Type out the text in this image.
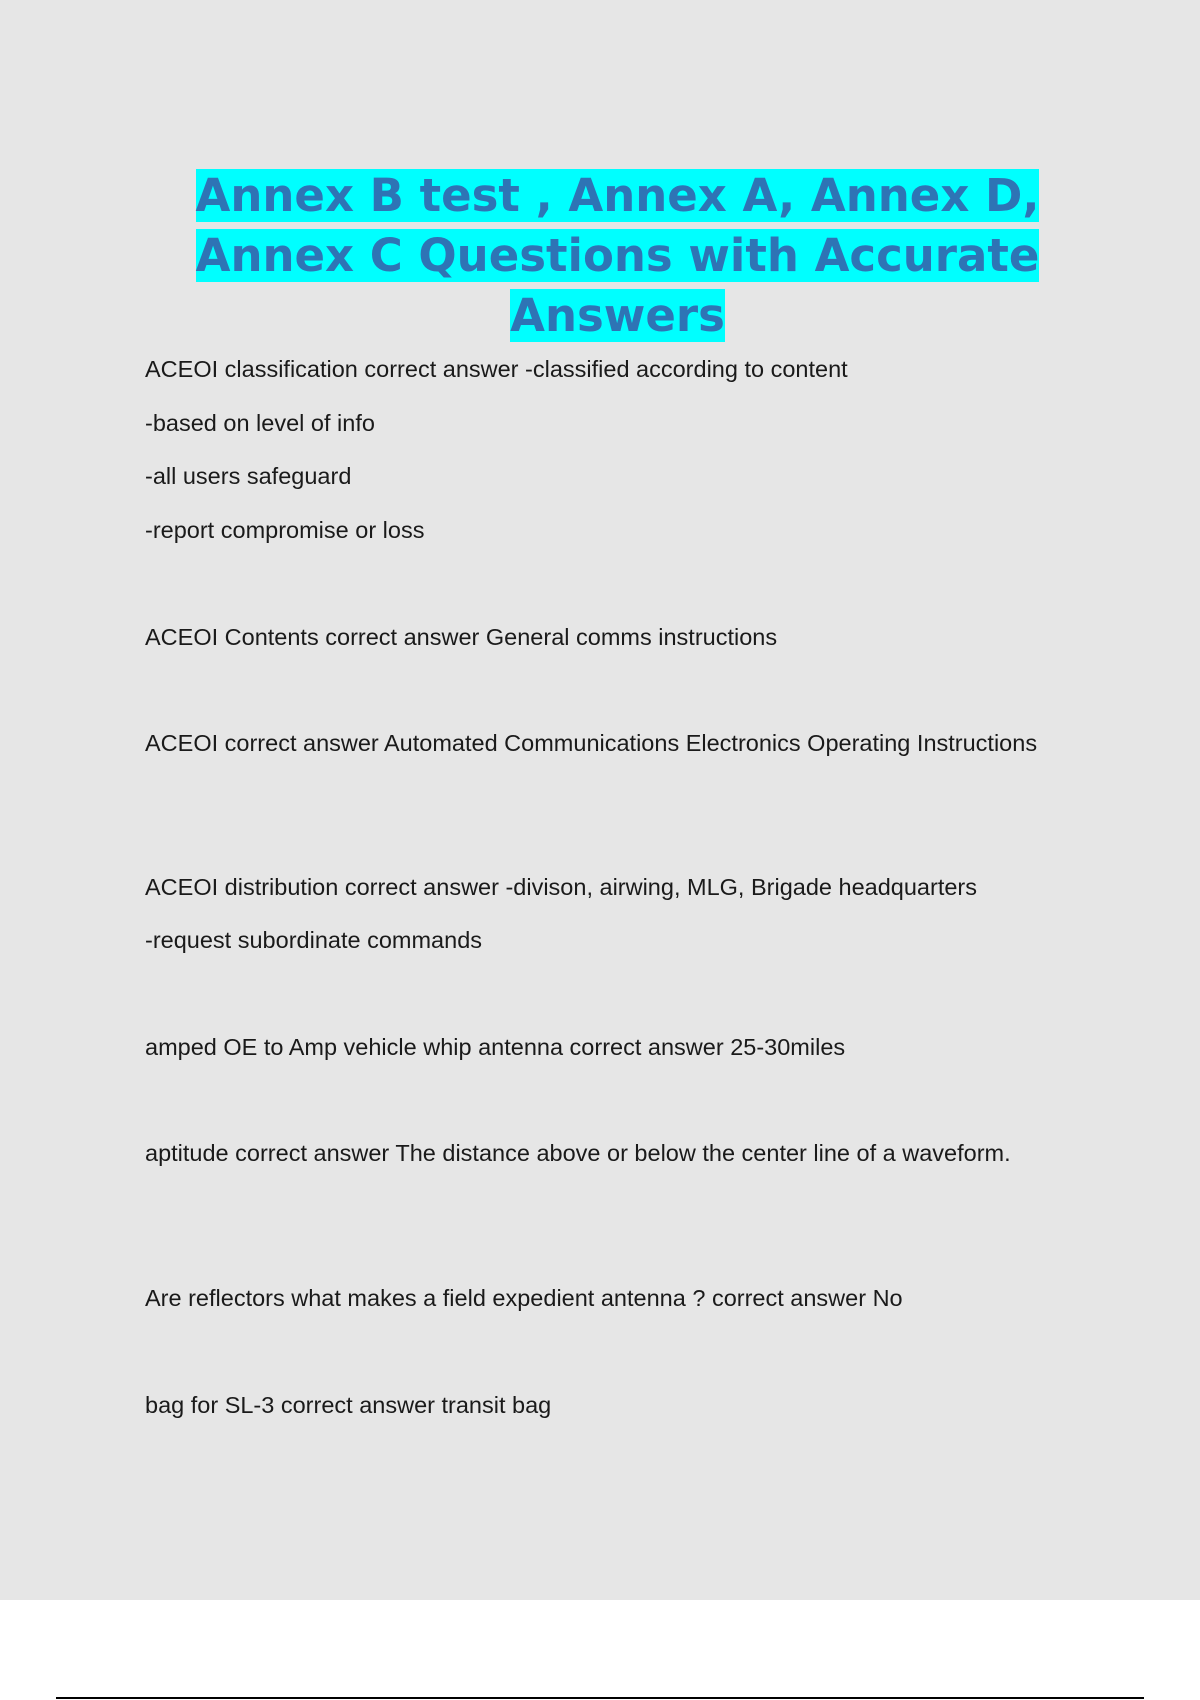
Annex B test , Annex A, Annex D,
Annex C Questions with Accurate
Answers

ACEOI classification correct answer -classified according to content

-based on level of info

-all users safeguard

-report compromise or loss

ACEOI Contents correct answer General comms instructions

ACEOI correct answer Automated Communications Electronics Operating Instructions

ACEOI distribution correct answer -divison, airwing, MLG, Brigade headquarters

-request subordinate commands

amped OE to Amp vehicle whip antenna correct answer 25-30miles

aptitude correct answer The distance above or below the center line of a waveform.

Are reflectors what makes a field expedient antenna ? correct answer No

bag for SL-3 correct answer transit bag
